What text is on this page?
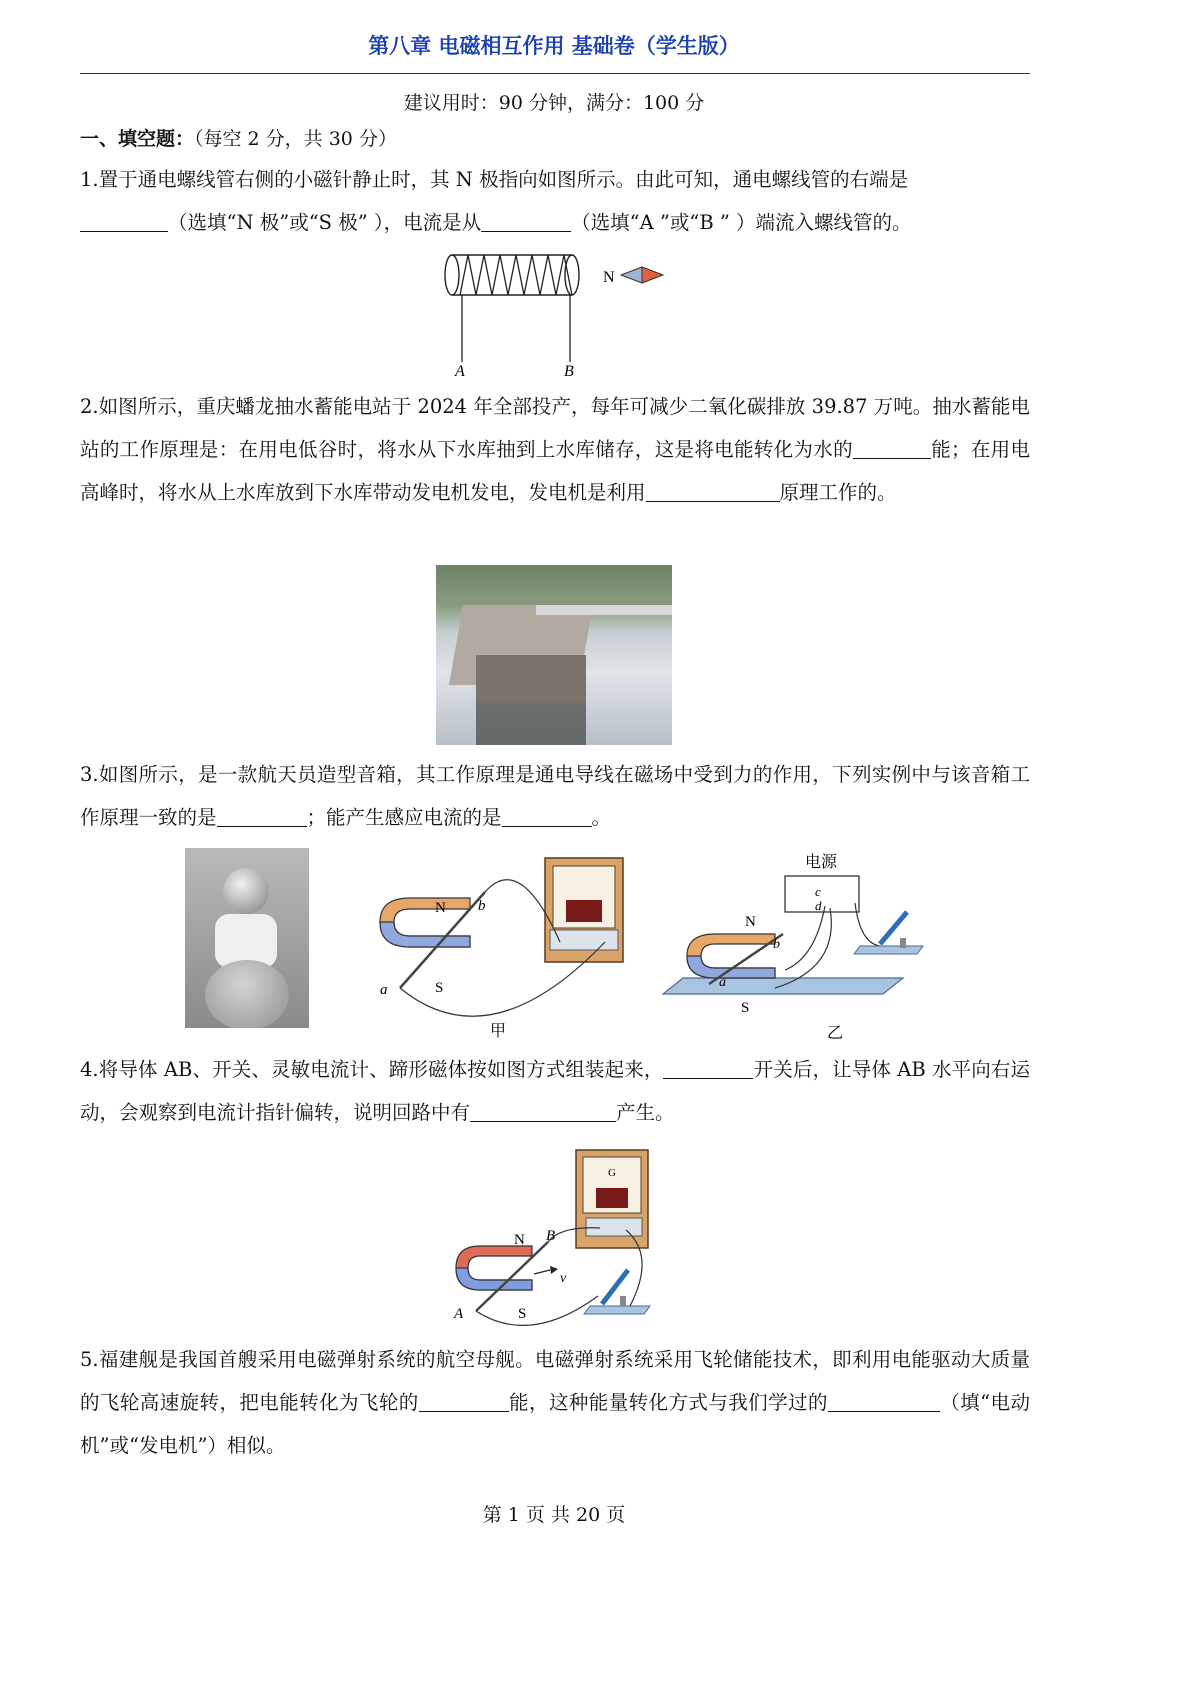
第八章 电磁相互作用 基础卷（学生版）
建议用时：90 分钟，满分：100 分
一、填空题：（每空 2 分，共 30 分）
1.置于通电螺线管右侧的小磁针静止时，其 N 极指向如图所示。由此可知，通电螺线管的右端是
（选填“N 极”或“S 极” ），电流是从	（选填“A ”或“B ” ）端流入螺线管的。
N
A	B
2.如图所示，重庆蟠龙抽水蓄能电站于 2024 年全部投产，每年可减少二氧化碳排放 39.87 万吨。抽水蓄能电站的工作原理是：在用电低谷时，将水从下水库抽到上水库储存，这是将电能转化为水的	能；在用电高峰时，将水从上水库放到下水库带动发电机发电，发电机是利用	原理工作的。
3.如图所示，是一款航天员造型音箱，其工作原理是通电导线在磁场中受到力的作用，下列实例中与该音箱工作原理一致的是	；能产生感应电流的是	。
N
S
b
a
甲
电源
c
d
N
S
b
a
乙
4.将导体 AB、开关、灵敏电流计、蹄形磁体按如图方式组装起来，	开关后，让导体 AB 水平向右运动，会观察到电流计指针偏转，说明回路中有	产生。
G
N
S
B
A
v
5.福建舰是我国首艘采用电磁弹射系统的航空母舰。电磁弹射系统采用飞轮储能技术，即利用电能驱动大质量的飞轮高速旋转，把电能转化为飞轮的	能，这种能量转化方式与我们学过的	（填“电动机”或“发电机”）相似。
第 1 页 共 20 页
